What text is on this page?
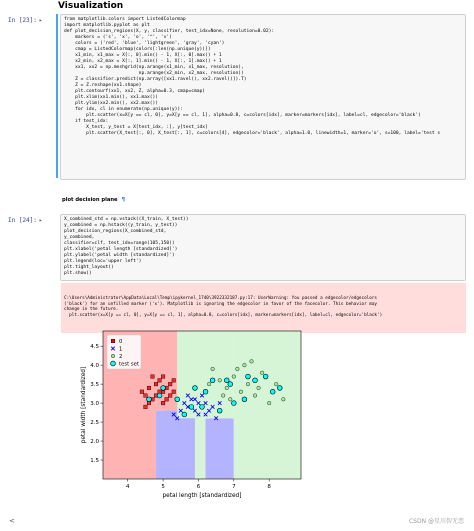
Visualization
In [23]: ▸	from matplotlib.colors import ListedColormap
import matplotlib.pyplot as plt
def plot_decision_regions(X, y, classifier, test_idx=None, resolution=0.02):
markers = ('s', 'x', 'o', '^', 'v')
colors = ('red', 'blue', 'lightgreen', 'gray', 'cyan')
cmap = ListedColormap(colors[:len(np.unique(y))])
x1_min, x1_max = X[:, 0].min() - 1, X[:, 0].max() + 1
x2_min, x2_max = X[:, 1].min() - 1, X[:, 1].max() + 1
xx1, xx2 = np.meshgrid(np.arange(x1_min, x1_max, resolution),
np.arange(x2_min, x2_max, resolution))
Z = classifier.predict(np.array([xx1.ravel(), xx2.ravel()]).T)
Z = Z.reshape(xx1.shape)
plt.contourf(xx1, xx2, Z, alpha=0.3, cmap=cmap)
plt.xlim(xx1.min(), xx1.max())
plt.ylim(xx2.min(), xx2.max())
for idx, cl in enumerate(np.unique(y)):
plt.scatter(x=X[y == cl, 0], y=X[y == cl, 1], alpha=0.8, c=colors[idx], marker=markers[idx], label=cl, edgecolor='black')
if test_idx:
X_test, y_test = X[test_idx, :], y[test_idx]
plt.scatter(X_test[:, 0], X_test[:, 1], c=colors[4], edgecolor='black', alpha=1.0, linewidth=1, marker='o', s=100, label='test s
plot decision plane ¶
In [24]: ▸	X_combined_std = np.vstack((X_train, X_test))
y_combined = np.hstack((y_train, y_test))
plot_decision_regions(X_combined_std,
y_combined,
classifier=clf, test_idx=range(105,150))
plt.xlabel('petal length [standardized]')
plt.ylabel('petal width [standardized]')
plt.legend(loc='upper left')
plt.tight_layout()
plt.show()

C:\Users\Administrator\AppData\Local\Temp\ipykernel_1740\3922332187.py:17: UserWarning: You passed a edgecolor/edgecolors
('black') for an unfilled marker ('x'). Matplotlib is ignoring the edgecolor in favor of the facecolor. This behavior may
change in the future.
plt.scatter(x=X[y == cl, 0], y=X[y == cl, 1], alpha=0.8, c=colors[idx], marker=markers[idx], label=cl, edgecolor='black')

4	5	6	7	8
1.5
2.0
2.5
3.0
3.5
4.0
4.5
petal length [standardized]
petal width [standardized]
0
1
2
test set
<	CSDN @星川智无恋
